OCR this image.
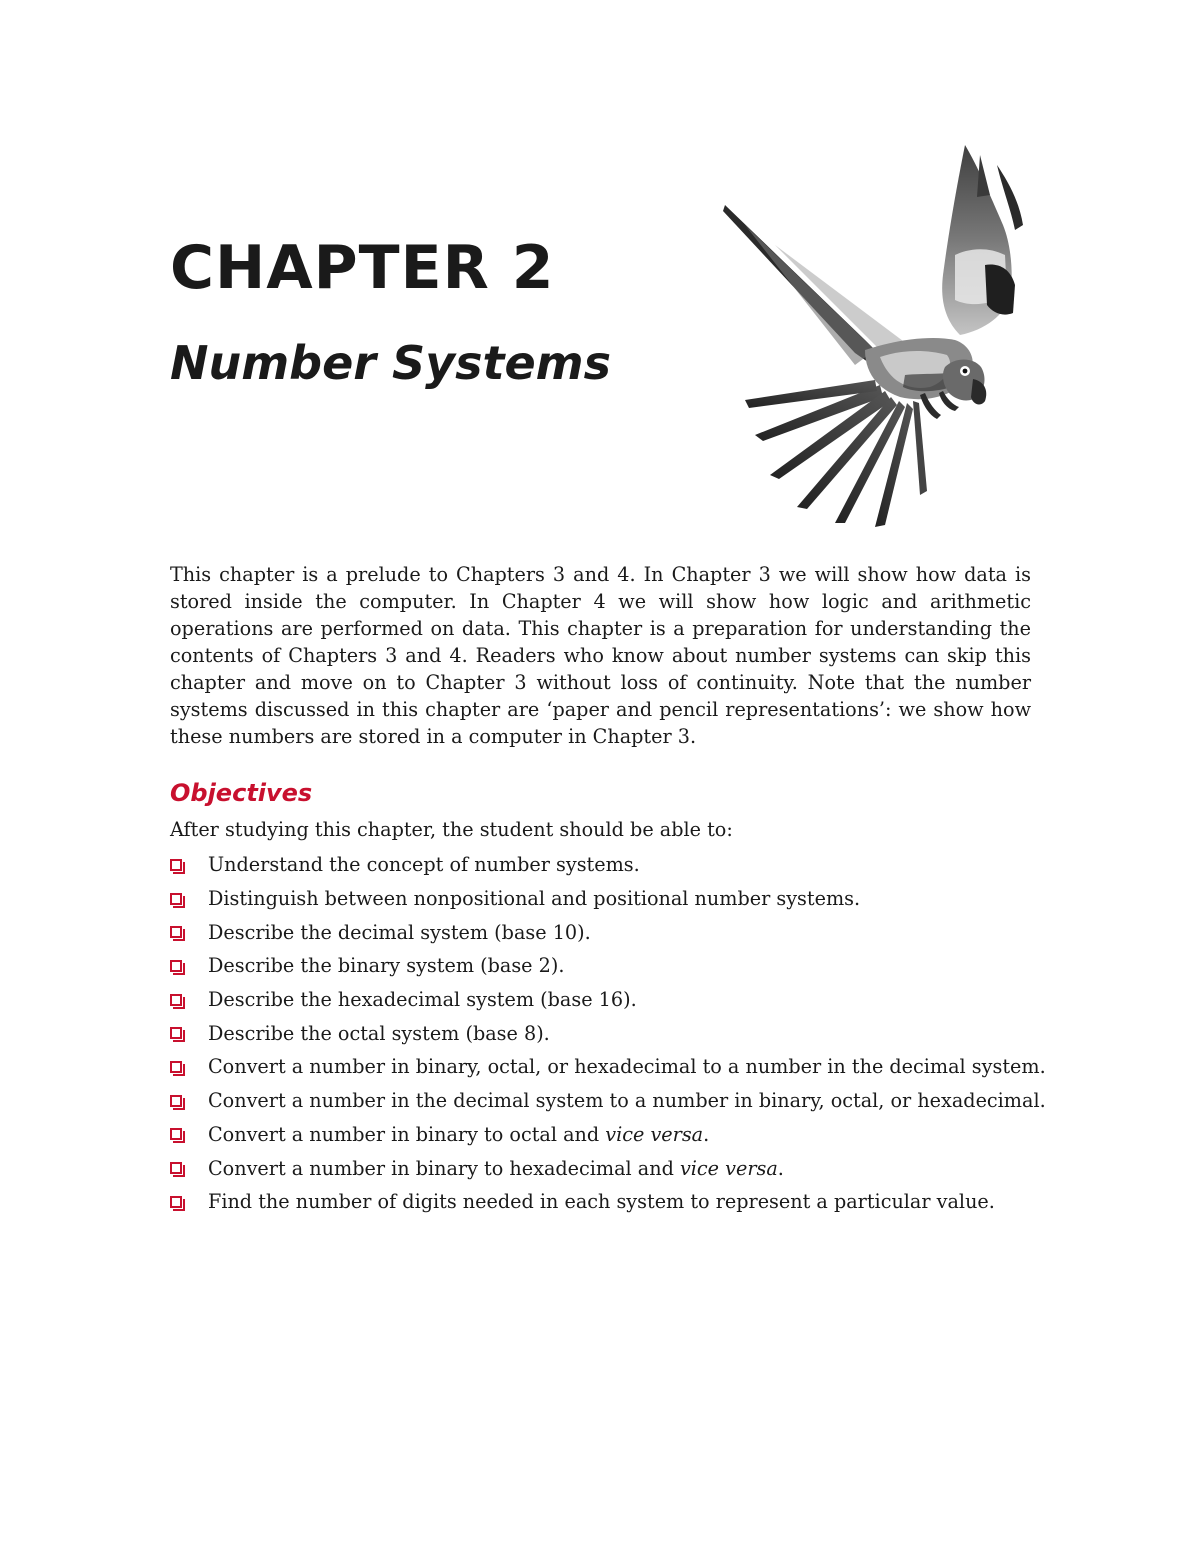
CHAPTER 2
Number Systems

This chapter is a prelude to Chapters 3 and 4. In Chapter 3 we will show how data is stored inside the computer. In Chapter 4 we will show how logic and arithmetic operations are performed on data. This chapter is a preparation for understanding the contents of Chapters 3 and 4. Readers who know about number systems can skip this chapter and move on to Chapter 3 without loss of continuity. Note that the number systems discussed in this chapter are ‘paper and pencil representations’: we show how these numbers are stored in a computer in Chapter 3.

Objectives
After studying this chapter, the student should be able to:
Understand the concept of number systems.
Distinguish between nonpositional and positional number systems.
Describe the decimal system (base 10).
Describe the binary system (base 2).
Describe the hexadecimal system (base 16).
Describe the octal system (base 8).
Convert a number in binary, octal, or hexadecimal to a number in the decimal system.
Convert a number in the decimal system to a number in binary, octal, or hexadecimal.
Convert a number in binary to octal and vice versa.
Convert a number in binary to hexadecimal and vice versa.
Find the number of digits needed in each system to represent a particular value.
